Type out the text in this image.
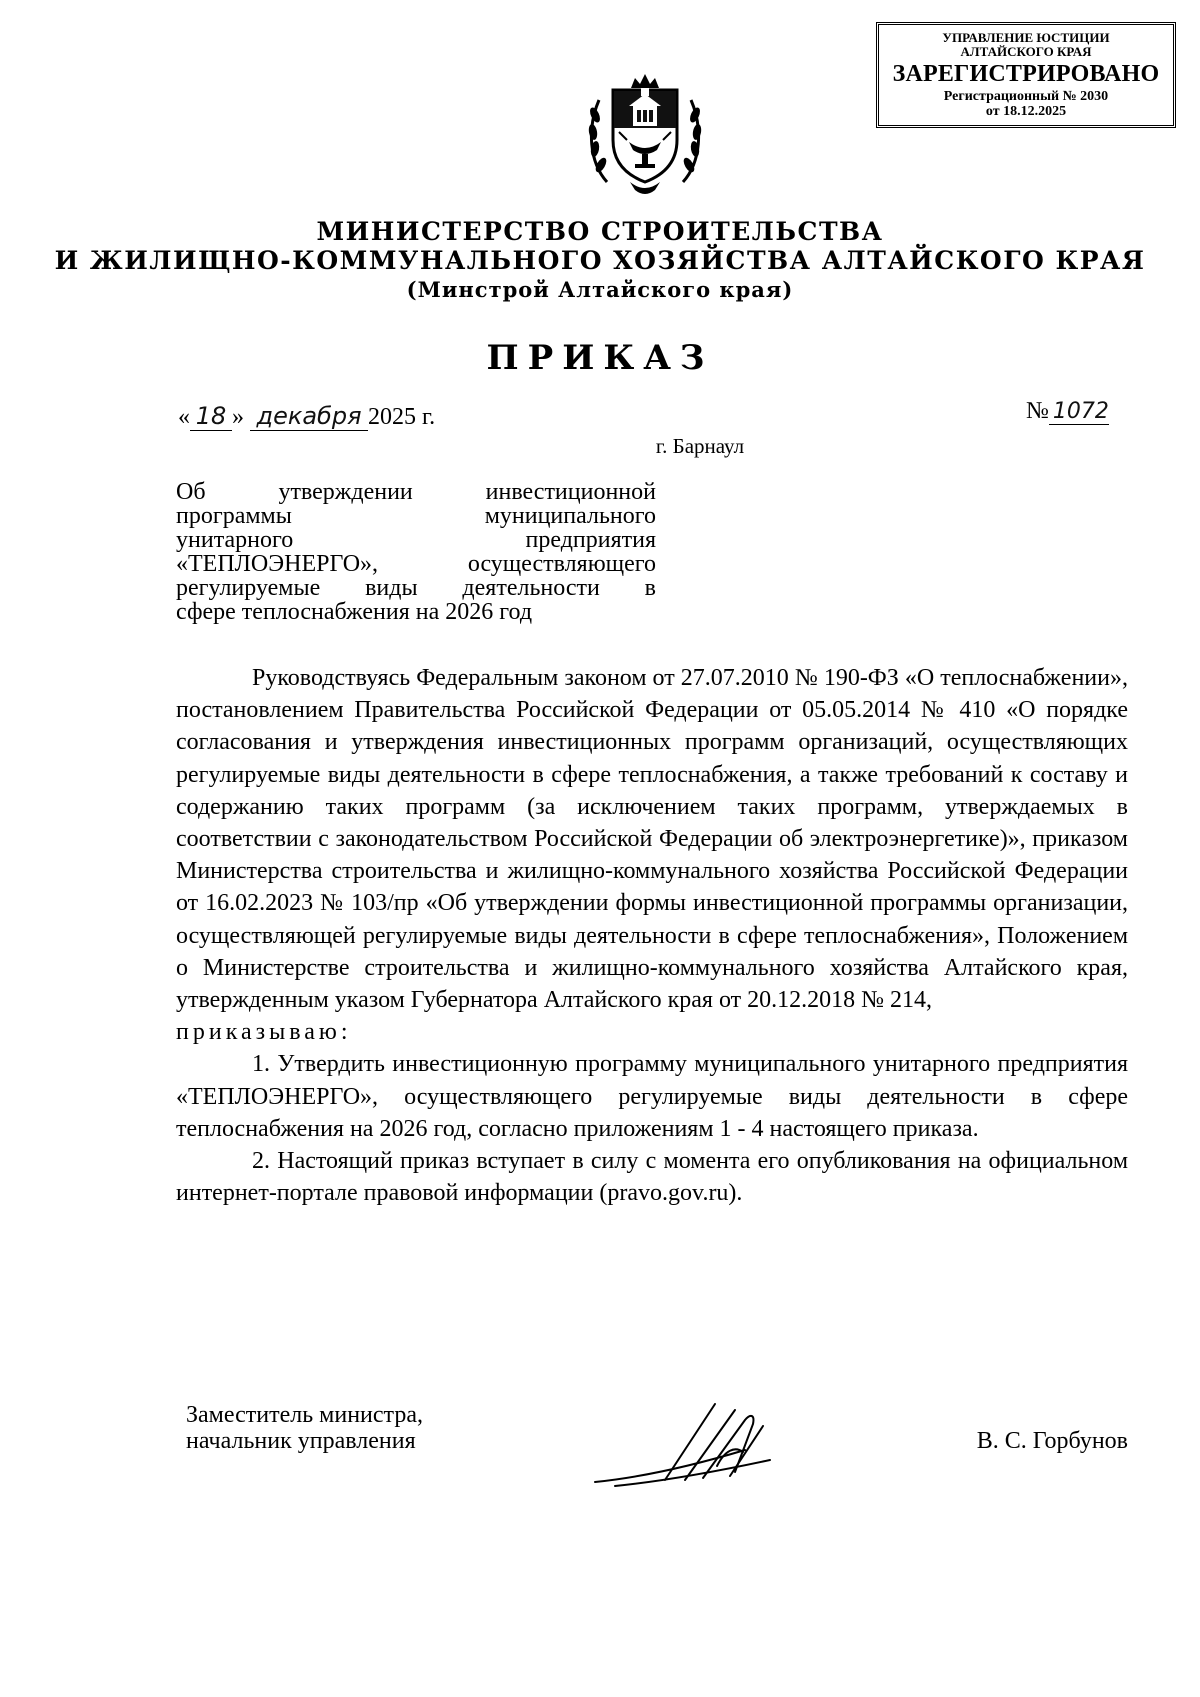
УПРАВЛЕНИЕ ЮСТИЦИИ
АЛТАЙСКОГО КРАЯ
ЗАРЕГИСТРИРОВАНО
Регистрационный № 2030
от 18.12.2025
МИНИСТЕРСТВО СТРОИТЕЛЬСТВА
И ЖИЛИЩНО-КОММУНАЛЬНОГО ХОЗЯЙСТВА АЛТАЙСКОГО КРАЯ
(Минстрой Алтайского края)
ПРИКАЗ
« 18 » декабря 2025 г.	№ 1072
г. Барнаул
Об утверждении инвестиционной
программы муниципального
унитарного предприятия
«ТЕПЛОЭНЕРГО», осуществляющего
регулируемые виды деятельности в
сфере теплоснабжения на 2026 год

Руководствуясь Федеральным законом от 27.07.2010 № 190-ФЗ «О теплоснабжении», постановлением Правительства Российской Федерации от 05.05.2014 № 410 «О порядке согласования и утверждения инвестиционных программ организаций, осуществляющих регулируемые виды деятельности в сфере теплоснабжения, а также требований к составу и содержанию таких программ (за исключением таких программ, утверждаемых в соответствии с законодательством Российской Федерации об электроэнергетике)», приказом Министерства строительства и жилищно-коммунального хозяйства Российской Федерации от 16.02.2023 № 103/пр «Об утверждении формы инвестиционной программы организации, осуществляющей регулируемые виды деятельности в сфере теплоснабжения», Положением о Министерстве строительства и жилищно-коммунального хозяйства Алтайского края, утвержденным указом Губернатора Алтайского края от 20.12.2018 № 214,

приказываю:

1. Утвердить инвестиционную программу муниципального унитарного предприятия «ТЕПЛОЭНЕРГО», осуществляющего регулируемые виды деятельности в сфере теплоснабжения на 2026 год, согласно приложениям 1 - 4 настоящего приказа.

2. Настоящий приказ вступает в силу с момента его опубликования на официальном интернет-портале правовой информации (pravo.gov.ru).

Заместитель министра,
начальник управления	В. С. Горбунов
